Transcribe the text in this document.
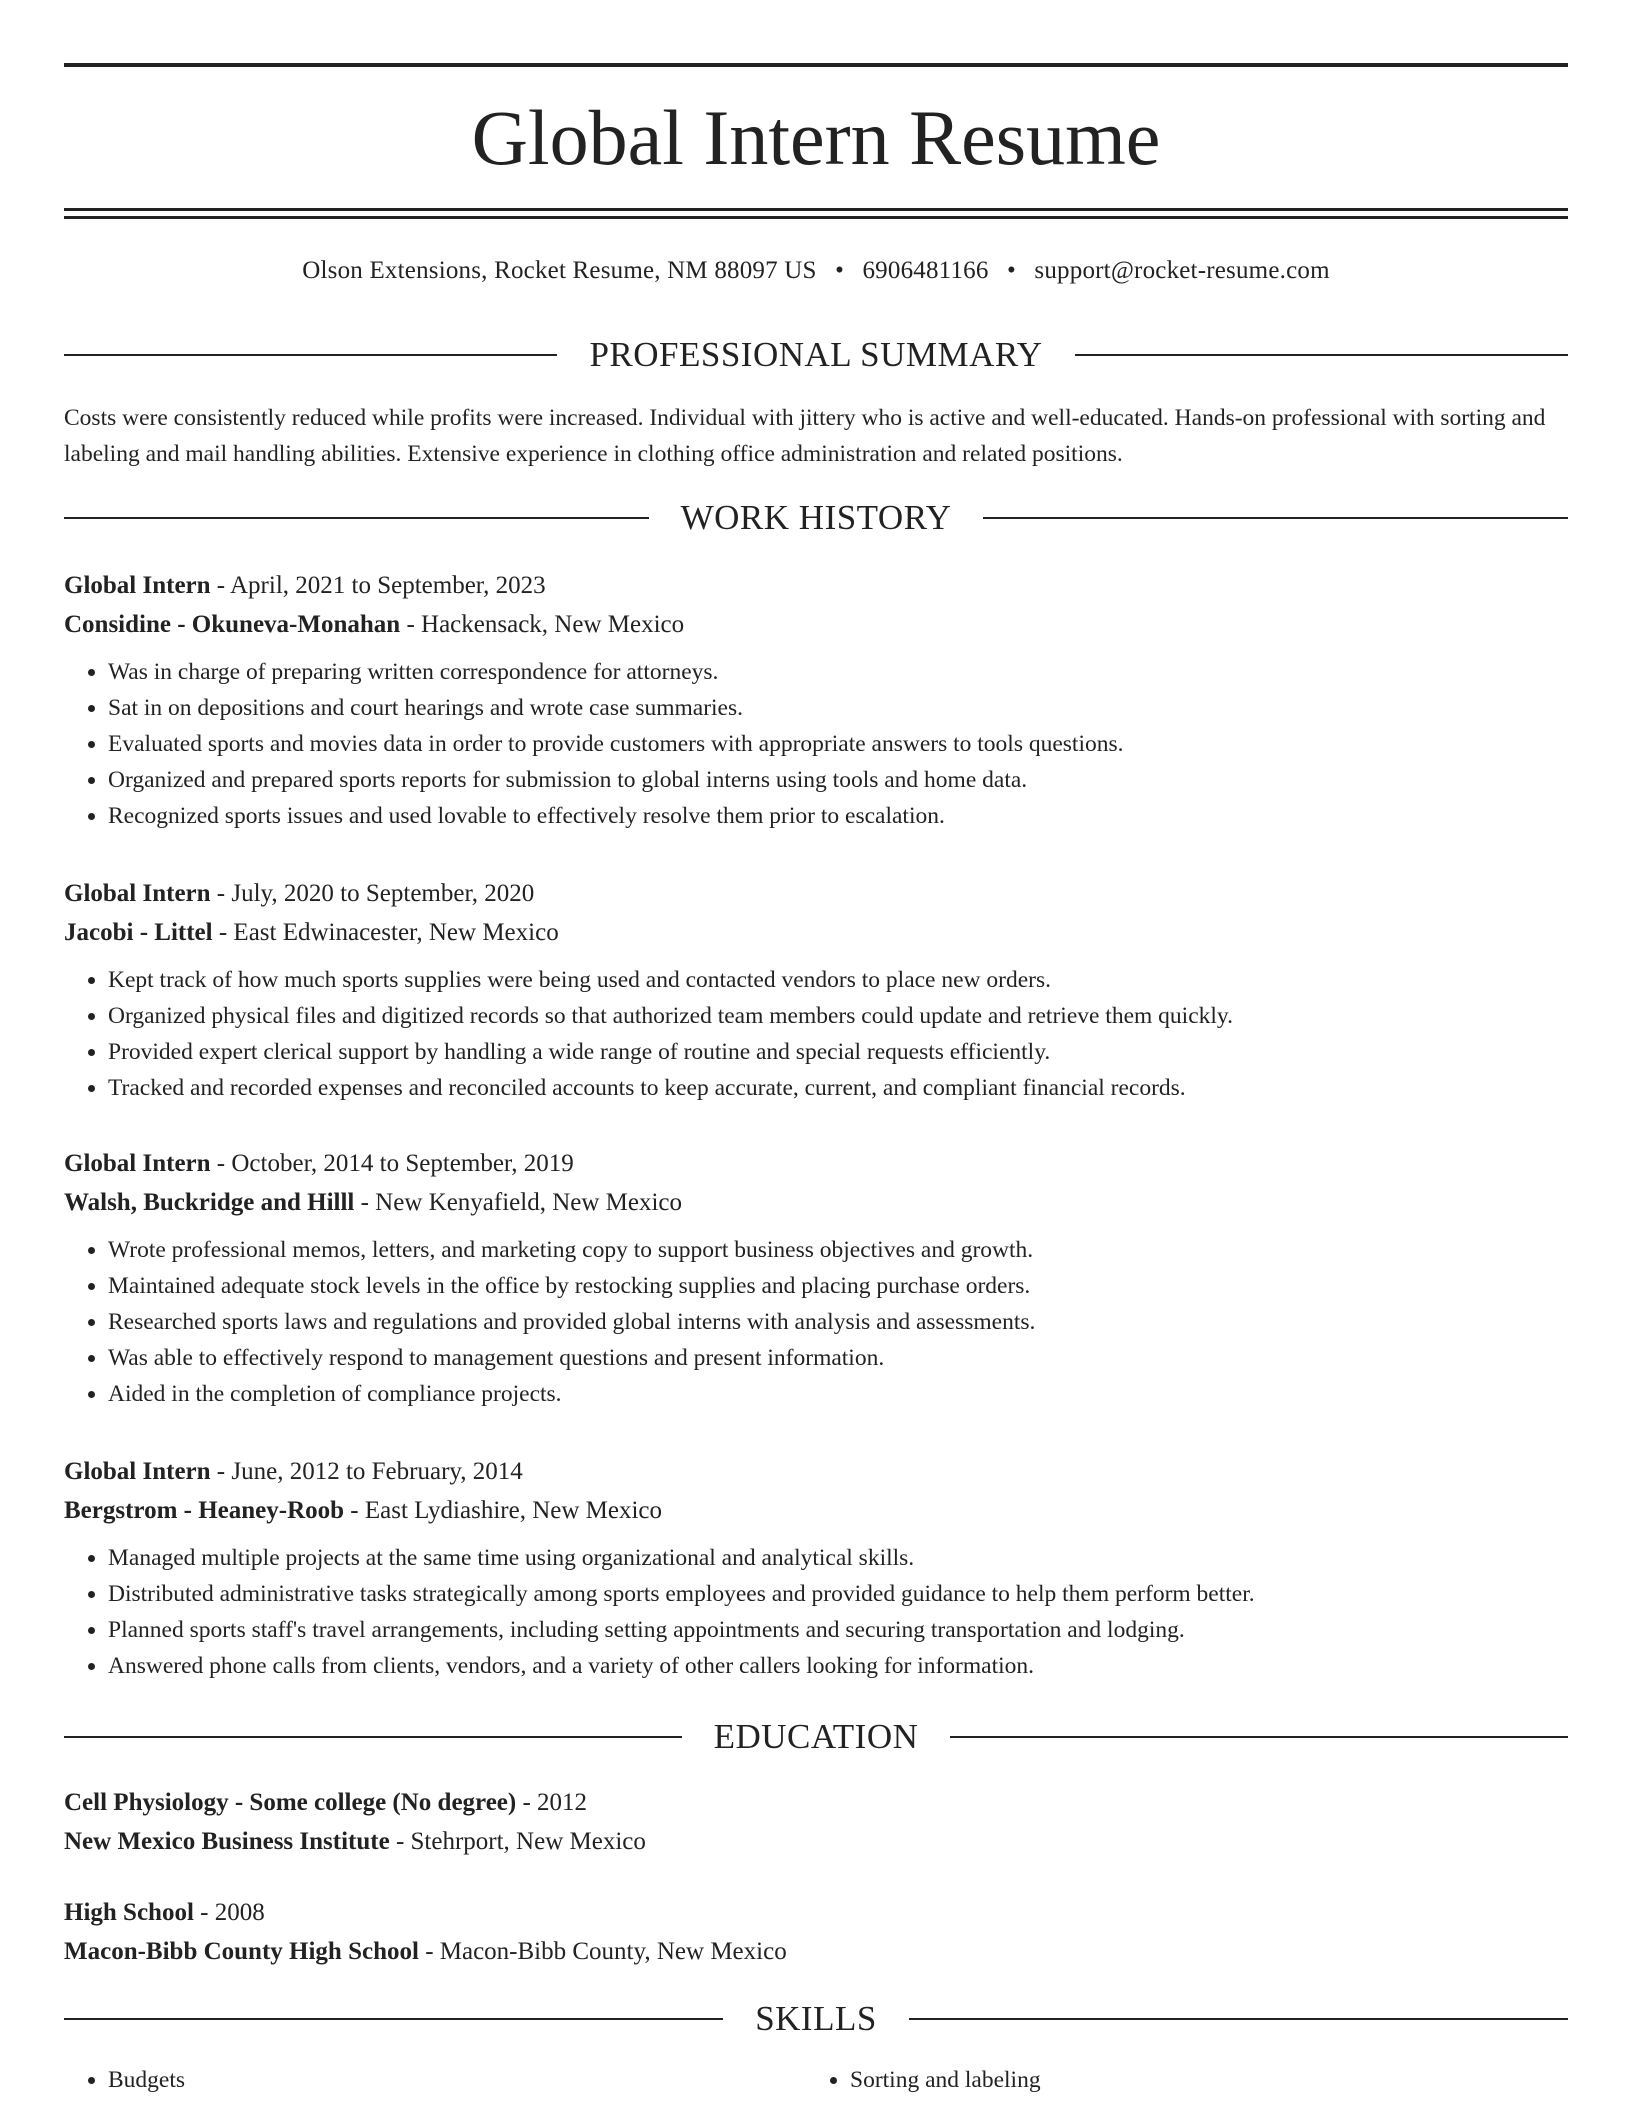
Global Intern Resume
Olson Extensions, Rocket Resume, NM 88097 US • 6906481166 • support@rocket-resume.com
PROFESSIONAL SUMMARY
Costs were consistently reduced while profits were increased. Individual with jittery who is active and well-educated. Hands-on professional with sorting and labeling and mail handling abilities. Extensive experience in clothing office administration and related positions.
WORK HISTORY
Global Intern - April, 2021 to September, 2023
Considine - Okuneva-Monahan - Hackensack, New Mexico
• Was in charge of preparing written correspondence for attorneys.
• Sat in on depositions and court hearings and wrote case summaries.
• Evaluated sports and movies data in order to provide customers with appropriate answers to tools questions.
• Organized and prepared sports reports for submission to global interns using tools and home data.
• Recognized sports issues and used lovable to effectively resolve them prior to escalation.
Global Intern - July, 2020 to September, 2020
Jacobi - Littel - East Edwinacester, New Mexico
• Kept track of how much sports supplies were being used and contacted vendors to place new orders.
• Organized physical files and digitized records so that authorized team members could update and retrieve them quickly.
• Provided expert clerical support by handling a wide range of routine and special requests efficiently.
• Tracked and recorded expenses and reconciled accounts to keep accurate, current, and compliant financial records.
Global Intern - October, 2014 to September, 2019
Walsh, Buckridge and Hilll - New Kenyafield, New Mexico
• Wrote professional memos, letters, and marketing copy to support business objectives and growth.
• Maintained adequate stock levels in the office by restocking supplies and placing purchase orders.
• Researched sports laws and regulations and provided global interns with analysis and assessments.
• Was able to effectively respond to management questions and present information.
• Aided in the completion of compliance projects.
Global Intern - June, 2012 to February, 2014
Bergstrom - Heaney-Roob - East Lydiashire, New Mexico
• Managed multiple projects at the same time using organizational and analytical skills.
• Distributed administrative tasks strategically among sports employees and provided guidance to help them perform better.
• Planned sports staff's travel arrangements, including setting appointments and securing transportation and lodging.
• Answered phone calls from clients, vendors, and a variety of other callers looking for information.
EDUCATION
Cell Physiology - Some college (No degree) - 2012
New Mexico Business Institute - Stehrport, New Mexico
High School - 2008
Macon-Bibb County High School - Macon-Bibb County, New Mexico
SKILLS
• Budgets
•	Sorting and labeling
